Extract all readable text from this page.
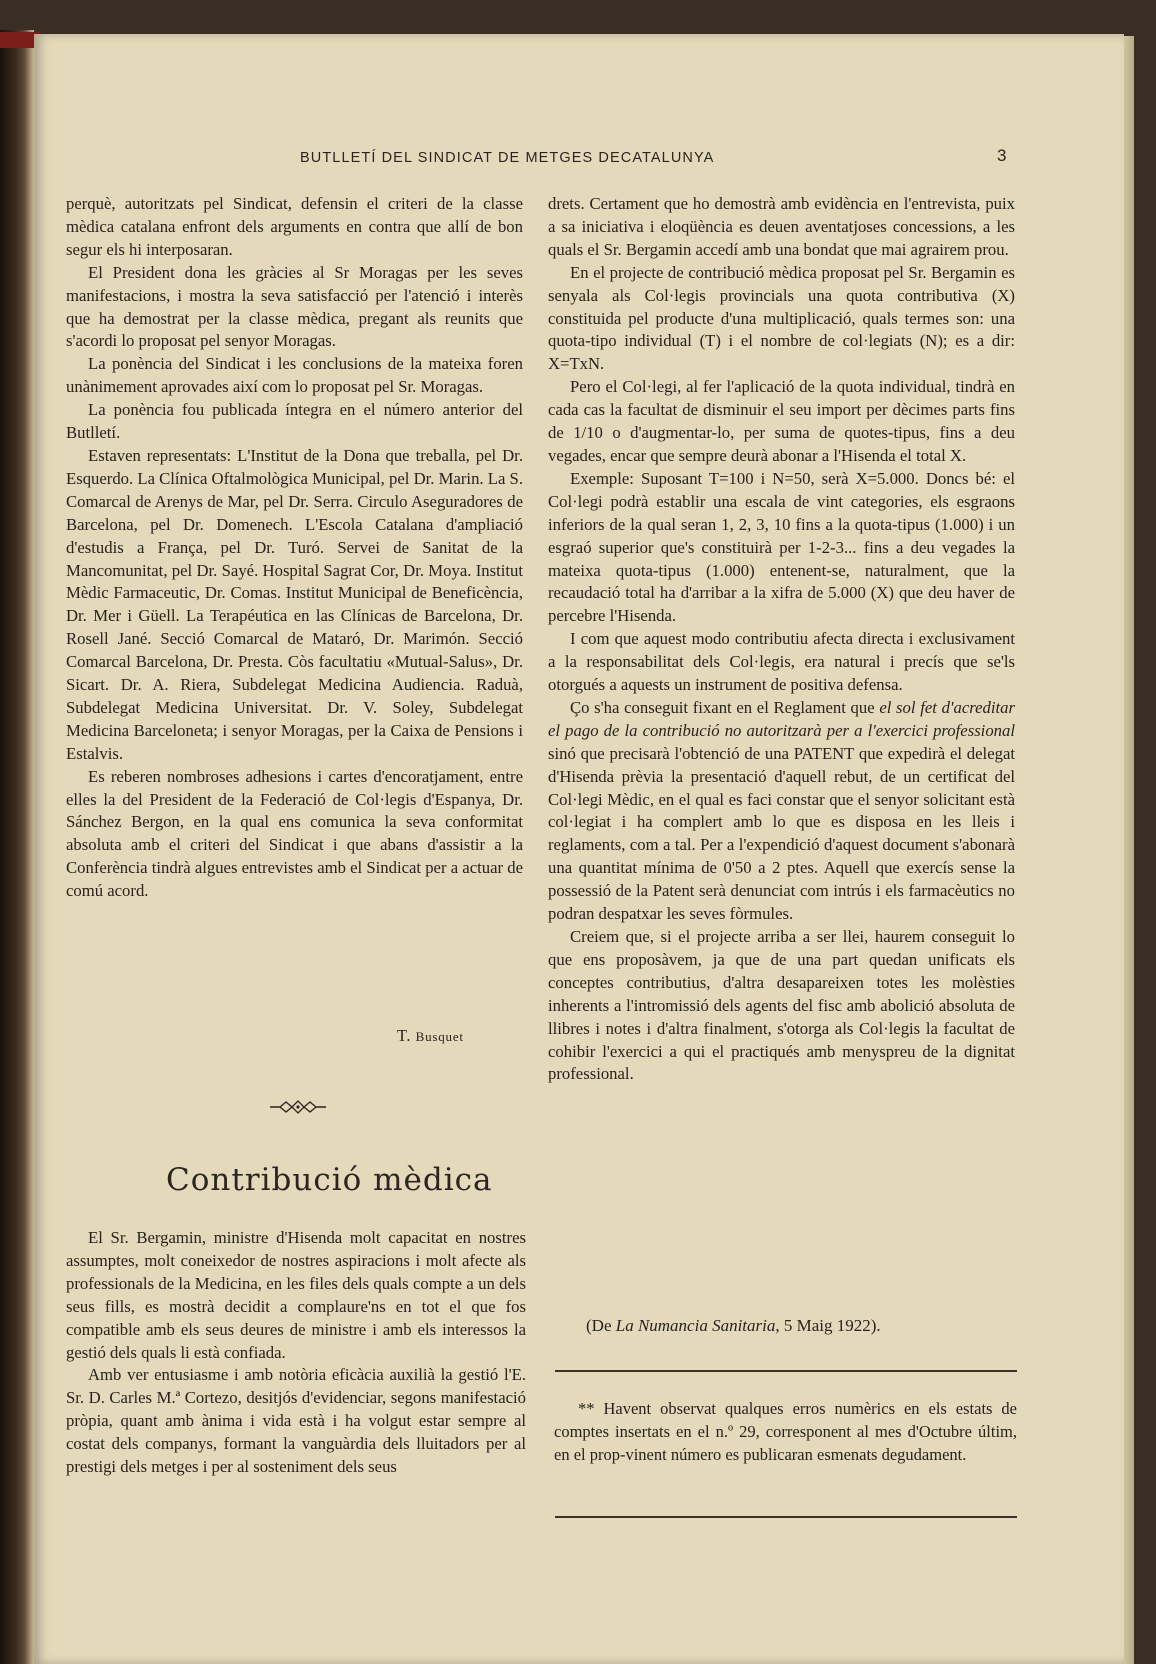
BUTLLETÍ DEL SINDICAT DE METGES DECATALUNYA	3

perquè, autoritzats pel Sindicat, defensin el criteri de la classe mèdica catalana enfront dels arguments en contra que allí de bon segur els hi interposaran.

El President dona les gràcies al Sr Moragas per les seves manifestacions, i mostra la seva satisfacció per l'atenció i interès que ha demostrat per la classe mèdica, pregant als reunits que s'acordi lo proposat pel senyor Moragas.

La ponència del Sindicat i les conclusions de la mateixa foren unànimement aprovades així com lo proposat pel Sr. Moragas.

La ponència fou publicada íntegra en el número anterior del Butlletí.

Estaven representats: L'Institut de la Dona que treballa, pel Dr. Esquerdo. La Clínica Oftalmològica Municipal, pel Dr. Marin. La S. Comarcal de Arenys de Mar, pel Dr. Serra. Circulo Aseguradores de Barcelona, pel Dr. Domenech. L'Escola Catalana d'ampliació d'estudis a França, pel Dr. Turó. Servei de Sanitat de la Mancomunitat, pel Dr. Sayé. Hospital Sagrat Cor, Dr. Moya. Institut Mèdic Farmaceutic, Dr. Comas. Institut Municipal de Beneficència, Dr. Mer i Güell. La Terapéutica en las Clínicas de Barcelona, Dr. Rosell Jané. Secció Comarcal de Mataró, Dr. Marimón. Secció Comarcal Barcelona, Dr. Presta. Còs facultatiu «Mutual-Salus», Dr. Sicart. Dr. A. Riera, Subdelegat Medicina Audiencia. Raduà, Subdelegat Medicina Universitat. Dr. V. Soley, Subdelegat Medicina Barceloneta; i senyor Moragas, per la Caixa de Pensions i Estalvis.

Es reberen nombroses adhesions i cartes d'encoratjament, entre elles la del President de la Federació de Col·legis d'Espanya, Dr. Sánchez Bergon, en la qual ens comunica la seva conformitat absoluta amb el criteri del Sindicat i que abans d'assistir a la Conferència tindrà algues entrevistes amb el Sindicat per a actuar de comú acord.

T. Busquet
Contribució mèdica

El Sr. Bergamin, ministre d'Hisenda molt capacitat en nostres assumptes, molt coneixedor de nostres aspiracions i molt afecte als professionals de la Medicina, en les files dels quals compte a un dels seus fills, es mostrà decidit a complaure'ns en tot el que fos compatible amb els seus deures de ministre i amb els interessos la gestió dels quals li està confiada.

Amb ver entusiasme i amb notòria eficàcia auxilià la gestió l'E. Sr. D. Carles M.ª Cortezo, desitjós d'evidenciar, segons manifestació pròpia, quant amb ànima i vida està i ha volgut estar sempre al costat dels companys, formant la vanguàrdia dels lluitadors per al prestigi dels metges i per al sosteniment dels seus

drets. Certament que ho demostrà amb evidència en l'entrevista, puix a sa iniciativa i eloqüència es deuen aventatjoses concessions, a les quals el Sr. Bergamin accedí amb una bondat que mai agrairem prou.

En el projecte de contribució mèdica proposat pel Sr. Bergamin es senyala als Col·legis provincials una quota contributiva (X) constituida pel producte d'una multiplicació, quals termes son: una quota-tipo individual (T) i el nombre de col·legiats (N); es a dir: X=TxN.

Pero el Col·legi, al fer l'aplicació de la quota individual, tindrà en cada cas la facultat de disminuir el seu import per dècimes parts fins de 1/10 o d'augmentar-lo, per suma de quotes-tipus, fins a deu vegades, encar que sempre deurà abonar a l'Hisenda el total X.

Exemple: Suposant T=100 i N=50, serà X=5.000. Doncs bé: el Col·legi podrà establir una escala de vint categories, els esgraons inferiors de la qual seran 1, 2, 3, 10 fins a la quota-tipus (1.000) i un esgraó superior que's constituirà per 1-2-3... fins a deu vegades la mateixa quota-tipus (1.000) entenent-se, naturalment, que la recaudació total ha d'arribar a la xifra de 5.000 (X) que deu haver de percebre l'Hisenda.

I com que aquest modo contributiu afecta directa i exclusivament a la responsabilitat dels Col·legis, era natural i precís que se'ls otorgués a aquests un instrument de positiva defensa.

Ço s'ha conseguit fixant en el Reglament que el sol fet d'acreditar el pago de la contribució no autoritzarà per a l'exercici professional sinó que precisarà l'obtenció de una PATENT que expedirà el delegat d'Hisenda prèvia la presentació d'aquell rebut, de un certificat del Col·legi Mèdic, en el qual es faci constar que el senyor solicitant està col·legiat i ha complert amb lo que es disposa en les lleis i reglaments, com a tal. Per a l'expendició d'aquest document s'abonarà una quantitat mínima de 0'50 a 2 ptes. Aquell que exercís sense la possessió de la Patent serà denunciat com intrús i els farmacèutics no podran despatxar les seves fòrmules.

Creiem que, si el projecte arriba a ser llei, haurem conseguit lo que ens proposàvem, ja que de una part quedan unificats els conceptes contributius, d'altra desapareixen totes les molèsties inherents a l'intromissió dels agents del fisc amb abolició absoluta de llibres i notes i d'altra finalment, s'otorga als Col·legis la facultat de cohibir l'exercici a qui el practiqués amb menyspreu de la dignitat professional.

(De La Numancia Sanitaria, 5 Maig 1922).

** Havent observat qualques erros numèrics en els estats de comptes insertats en el n.º 29, corresponent al mes d'Octubre últim, en el prop-vinent número es publicaran esmenats degudament.
